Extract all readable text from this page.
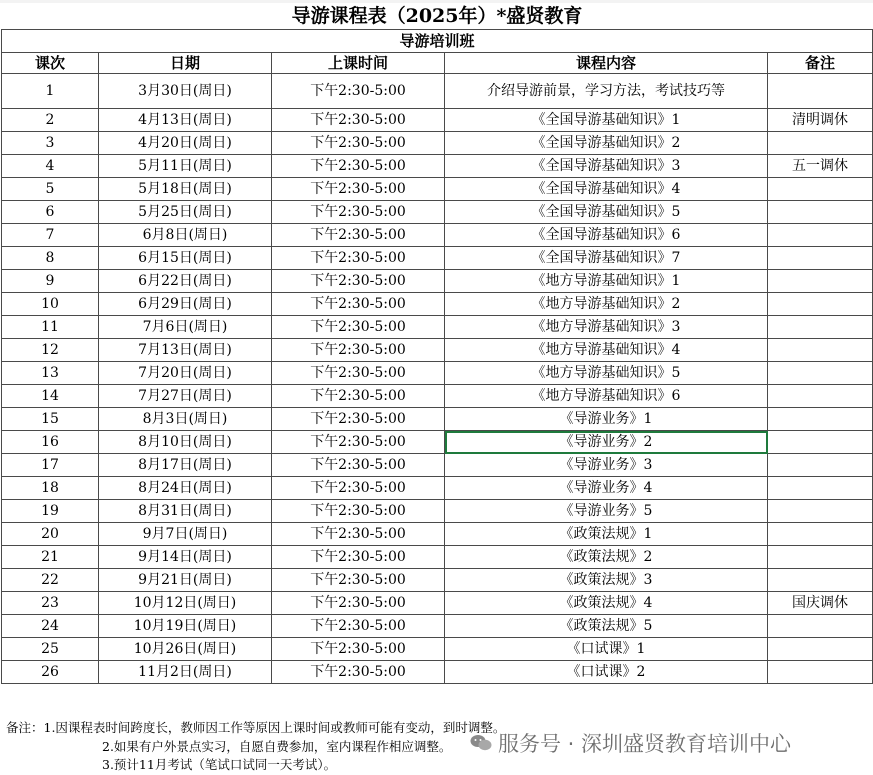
导游课程表（2025年）*盛贤教育				
导游培训班				
课次	日期	上课时间	课程内容	备注
1	3月30日(周日)	下午2:30-5:00	介绍导游前景，学习方法，考试技巧等	
2	4月13日(周日)	下午2:30-5:00	《全国导游基础知识》1	清明调休
3	4月20日(周日)	下午2:30-5:00	《全国导游基础知识》2	
4	5月11日(周日)	下午2:30-5:00	《全国导游基础知识》3	五一调休
5	5月18日(周日)	下午2:30-5:00	《全国导游基础知识》4	
6	5月25日(周日)	下午2:30-5:00	《全国导游基础知识》5	
7	6月8日(周日)	下午2:30-5:00	《全国导游基础知识》6	
8	6月15日(周日)	下午2:30-5:00	《全国导游基础知识》7	
9	6月22日(周日)	下午2:30-5:00	《地方导游基础知识》1	
10	6月29日(周日)	下午2:30-5:00	《地方导游基础知识》2	
11	7月6日(周日)	下午2:30-5:00	《地方导游基础知识》3	
12	7月13日(周日)	下午2:30-5:00	《地方导游基础知识》4	
13	7月20日(周日)	下午2:30-5:00	《地方导游基础知识》5	
14	7月27日(周日)	下午2:30-5:00	《地方导游基础知识》6	
15	8月3日(周日)	下午2:30-5:00	《导游业务》1	
16	8月10日(周日)	下午2:30-5:00	《导游业务》2	
17	8月17日(周日)	下午2:30-5:00	《导游业务》3	
18	8月24日(周日)	下午2:30-5:00	《导游业务》4	
19	8月31日(周日)	下午2:30-5:00	《导游业务》5	
20	9月7日(周日)	下午2:30-5:00	《政策法规》1	
21	9月14日(周日)	下午2:30-5:00	《政策法规》2	
22	9月21日(周日)	下午2:30-5:00	《政策法规》3	
23	10月12日(周日)	下午2:30-5:00	《政策法规》4	国庆调休
24	10月19日(周日)	下午2:30-5:00	《政策法规》5	
25	10月26日(周日)	下午2:30-5:00	《口试课》1	
26	11月2日(周日)	下午2:30-5:00	《口试课》2	
备注：1.因课程表时间跨度长，教师因工作等原因上课时间或教师可能有变动，到时调整。
2.如果有户外景点实习，自愿自费参加，室内课程作相应调整。
3.预计11月考试（笔试口试同一天考试）。
服务号 · 深圳盛贤教育培训中心
